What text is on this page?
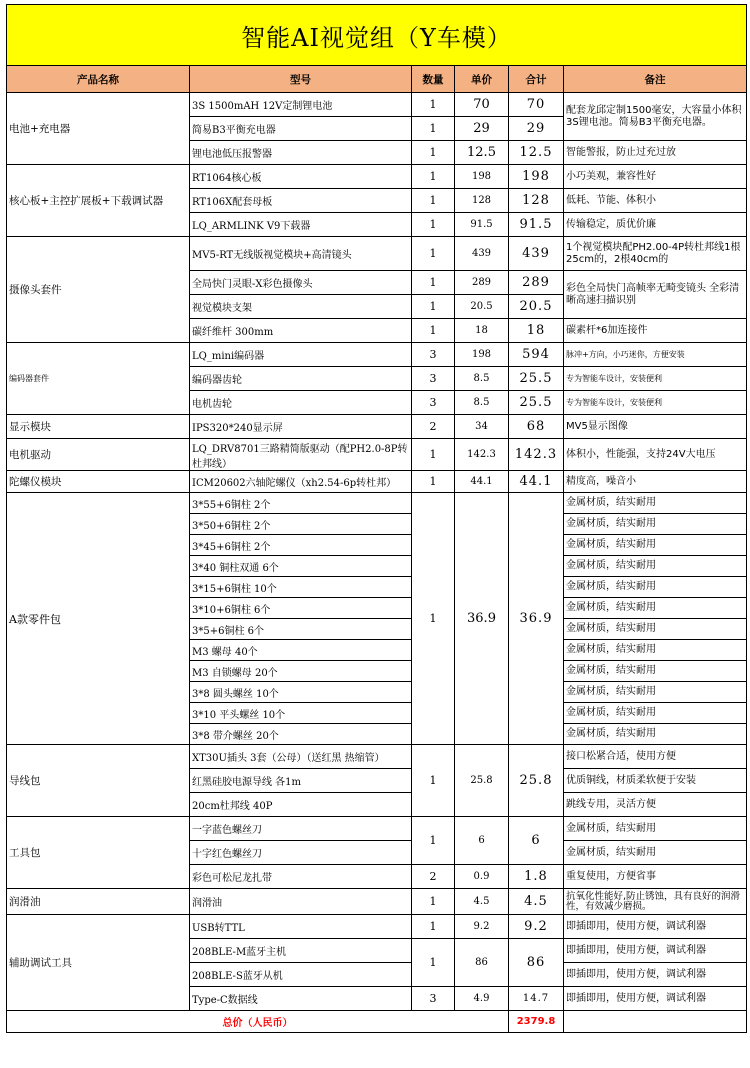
智能AI视觉组（Y车模）					
产品名称	型号	数量	单价	合计	备注
电池+充电器	3S 1500mAH 12V定制锂电池	1	70	70	配套龙邱定制1500毫安，大容量小体积3S锂电池。简易B3平衡充电器。
	简易B3平衡充电器	1	29	29	
	锂电池低压报警器	1	12.5	12.5	智能警报，防止过充过放
核心板+主控扩展板+下载调试器	RT1064核心板	1	198	198	小巧美观，兼容性好
	RT106X配套母板	1	128	128	低耗、节能、体积小
	LQ_ARMLINK V9下载器	1	91.5	91.5	传输稳定，质优价廉
摄像头套件	MV5-RT无线版视觉模块+高清镜头	1	439	439	1个视觉模块配PH2.00-4P转杜邦线1根25cm的，2根40cm的
	全局快门灵眼-X彩色摄像头	1	289	289	彩色全局快门高帧率无畸变镜头 全彩清晰高速扫描识别
	视觉模块支架	1	20.5	20.5	
	碳纤维杆 300mm	1	18	18	碳素杆*6加连接件
编码器套件	LQ_mini编码器	3	198	594	脉冲+方向，小巧迷你，方便安装
	编码器齿轮	3	8.5	25.5	专为智能车设计，安装便利
	电机齿轮	3	8.5	25.5	专为智能车设计，安装便利
显示模块	IPS320*240显示屏	2	34	68	MV5显示图像
电机驱动	LQ_DRV8701三路精简版驱动（配PH2.0-8P转杜邦线）	1	142.3	142.3	体积小，性能强，支持24V大电压
陀螺仪模块	ICM20602六轴陀螺仪（xh2.54-6p转杜邦）	1	44.1	44.1	精度高，噪音小
A款零件包	3*55+6铜柱 2个	1	36.9	36.9	金属材质，结实耐用
	3*50+6铜柱 2个				金属材质，结实耐用
	3*45+6铜柱 2个				金属材质，结实耐用
	3*40 铜柱双通 6个				金属材质，结实耐用
	3*15+6铜柱 10个				金属材质，结实耐用
	3*10+6铜柱 6个				金属材质，结实耐用
	3*5+6铜柱 6个				金属材质，结实耐用
	M3 螺母 40个				金属材质，结实耐用
	M3 自锁螺母 20个				金属材质，结实耐用
	3*8 圆头螺丝 10个				金属材质，结实耐用
	3*10 平头螺丝 10个				金属材质，结实耐用
	3*8 带介螺丝 20个				金属材质，结实耐用
导线包	XT30U插头 3套（公母）（送红黑 热缩管）	1	25.8	25.8	接口松紧合适，使用方便
	红黑硅胶电源导线 各1m				优质铜线，材质柔软便于安装
	20cm杜邦线 40P				跳线专用，灵活方便
工具包	一字蓝色螺丝刀	1	6	6	金属材质，结实耐用
	十字红色螺丝刀				金属材质，结实耐用
	彩色可松尼龙扎带	2	0.9	1.8	重复使用，方便省事
润滑油	润滑油	1	4.5	4.5	抗氧化性能好,防止锈蚀，具有良好的润滑性，有效减少磨损。
辅助调试工具	USB转TTL	1	9.2	9.2	即插即用，使用方便，调试利器
	208BLE-M蓝牙主机	1	86	86	即插即用，使用方便，调试利器
	208BLE-S蓝牙从机				即插即用，使用方便，调试利器
	Type-C数据线	3	4.9	14.7	即插即用，使用方便，调试利器
总价（人民币）				2379.8	
